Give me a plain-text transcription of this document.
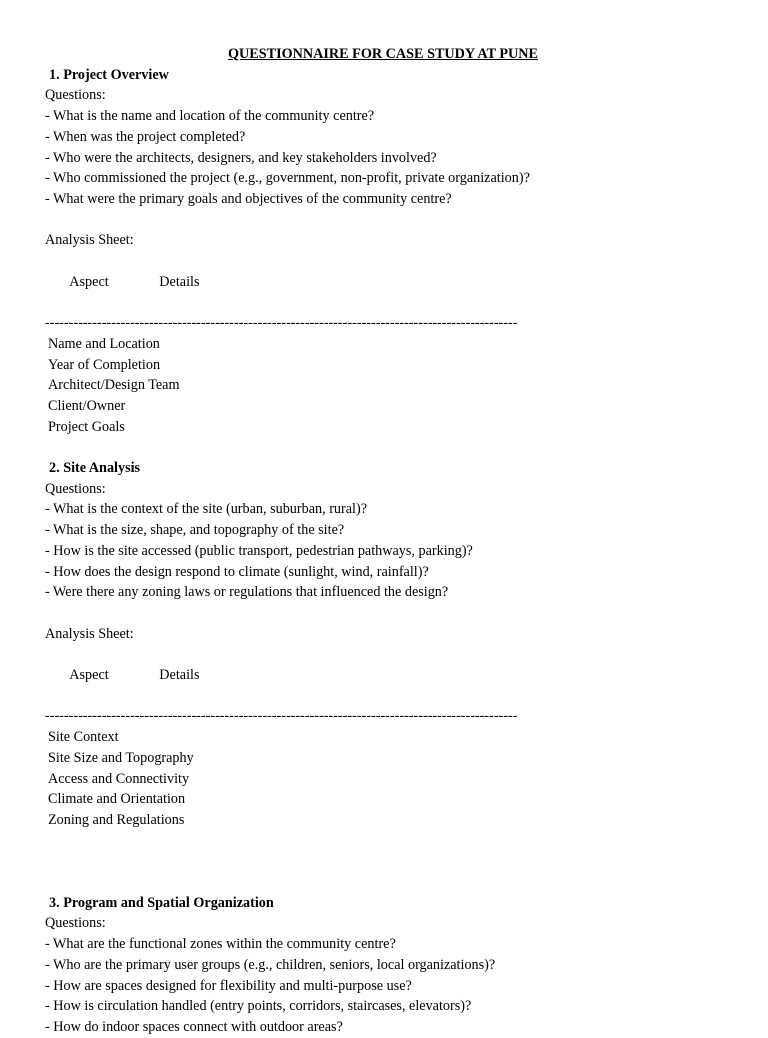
QUESTIONNAIRE FOR CASE STUDY AT PUNE

1. Project Overview

Questions:

- What is the name and location of the community centre?
- When was the project completed?
- Who were the architects, designers, and key stakeholders involved?
- Who commissioned the project (e.g., government, non-profit, private organization)?
- What were the primary goals and objectives of the community centre?

Analysis Sheet:

Aspect	Details

----------------------------------------------------------------------------------------------------

Name and Location
Year of Completion
Architect/Design Team
Client/Owner
Project Goals

2. Site Analysis

Questions:

- What is the context of the site (urban, suburban, rural)?
- What is the size, shape, and topography of the site?
- How is the site accessed (public transport, pedestrian pathways, parking)?
- How does the design respond to climate (sunlight, wind, rainfall)?
- Were there any zoning laws or regulations that influenced the design?

Analysis Sheet:

Aspect	Details

----------------------------------------------------------------------------------------------------

Site Context
Site Size and Topography
Access and Connectivity
Climate and Orientation
Zoning and Regulations

3. Program and Spatial Organization

Questions:

- What are the functional zones within the community centre?
- Who are the primary user groups (e.g., children, seniors, local organizations)?
- How are spaces designed for flexibility and multi-purpose use?
- How is circulation handled (entry points, corridors, staircases, elevators)?
- How do indoor spaces connect with outdoor areas?
